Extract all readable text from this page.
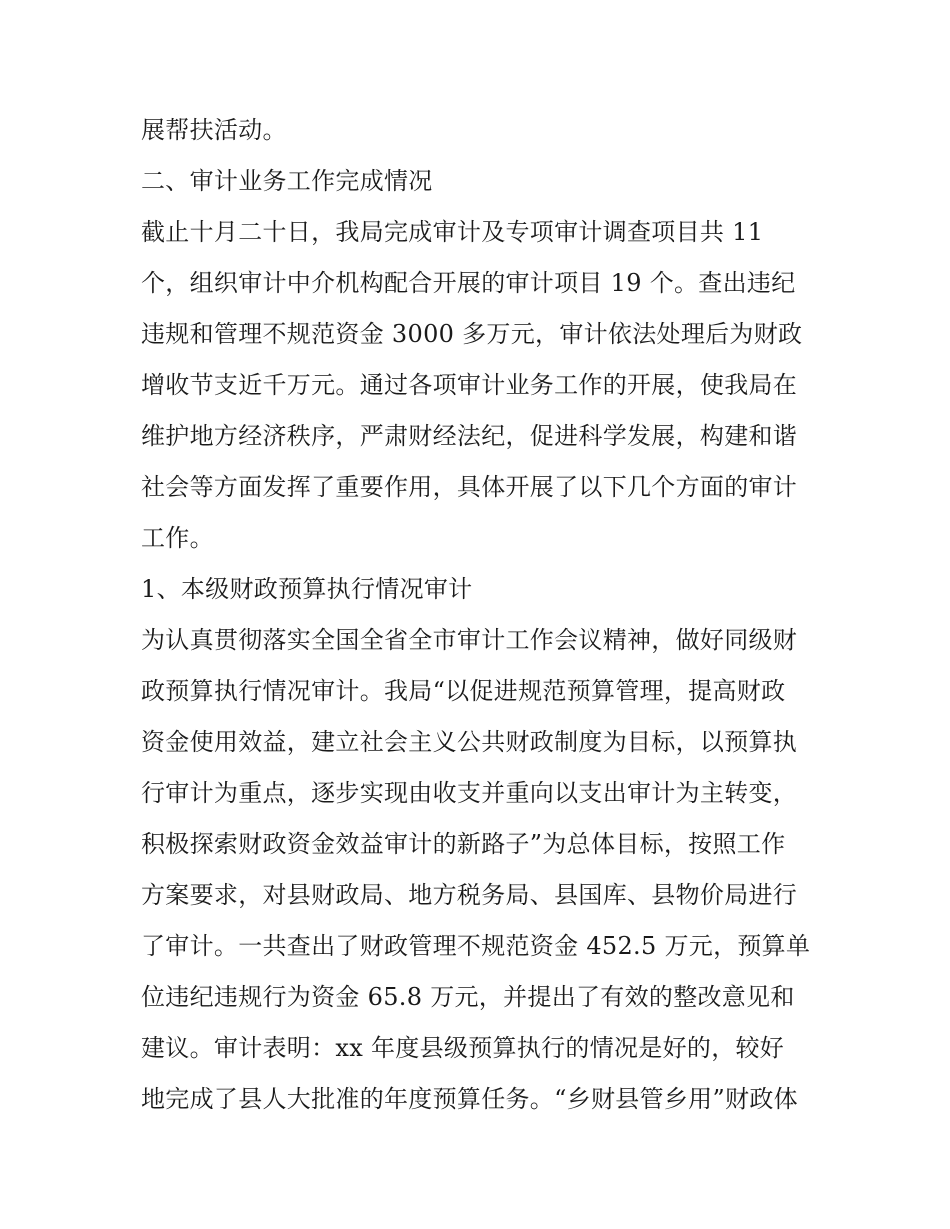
展帮扶活动。
二、审计业务工作完成情况
截止十月二十日，我局完成审计及专项审计调查项目共 11
个，组织审计中介机构配合开展的审计项目 19 个。查出违纪
违规和管理不规范资金 3000 多万元，审计依法处理后为财政
增收节支近千万元。通过各项审计业务工作的开展，使我局在
维护地方经济秩序，严肃财经法纪，促进科学发展，构建和谐
社会等方面发挥了重要作用，具体开展了以下几个方面的审计
工作。
1、本级财政预算执行情况审计
为认真贯彻落实全国全省全市审计工作会议精神，做好同级财
政预算执行情况审计。我局“以促进规范预算管理，提高财政
资金使用效益，建立社会主义公共财政制度为目标，以预算执
行审计为重点，逐步实现由收支并重向以支出审计为主转变，
积极探索财政资金效益审计的新路子”为总体目标，按照工作
方案要求，对县财政局、地方税务局、县国库、县物价局进行
了审计。一共查出了财政管理不规范资金 452.5 万元，预算单
位违纪违规行为资金 65.8 万元，并提出了有效的整改意见和
建议。审计表明：xx 年度县级预算执行的情况是好的，较好
地完成了县人大批准的年度预算任务。“乡财县管乡用”财政体
